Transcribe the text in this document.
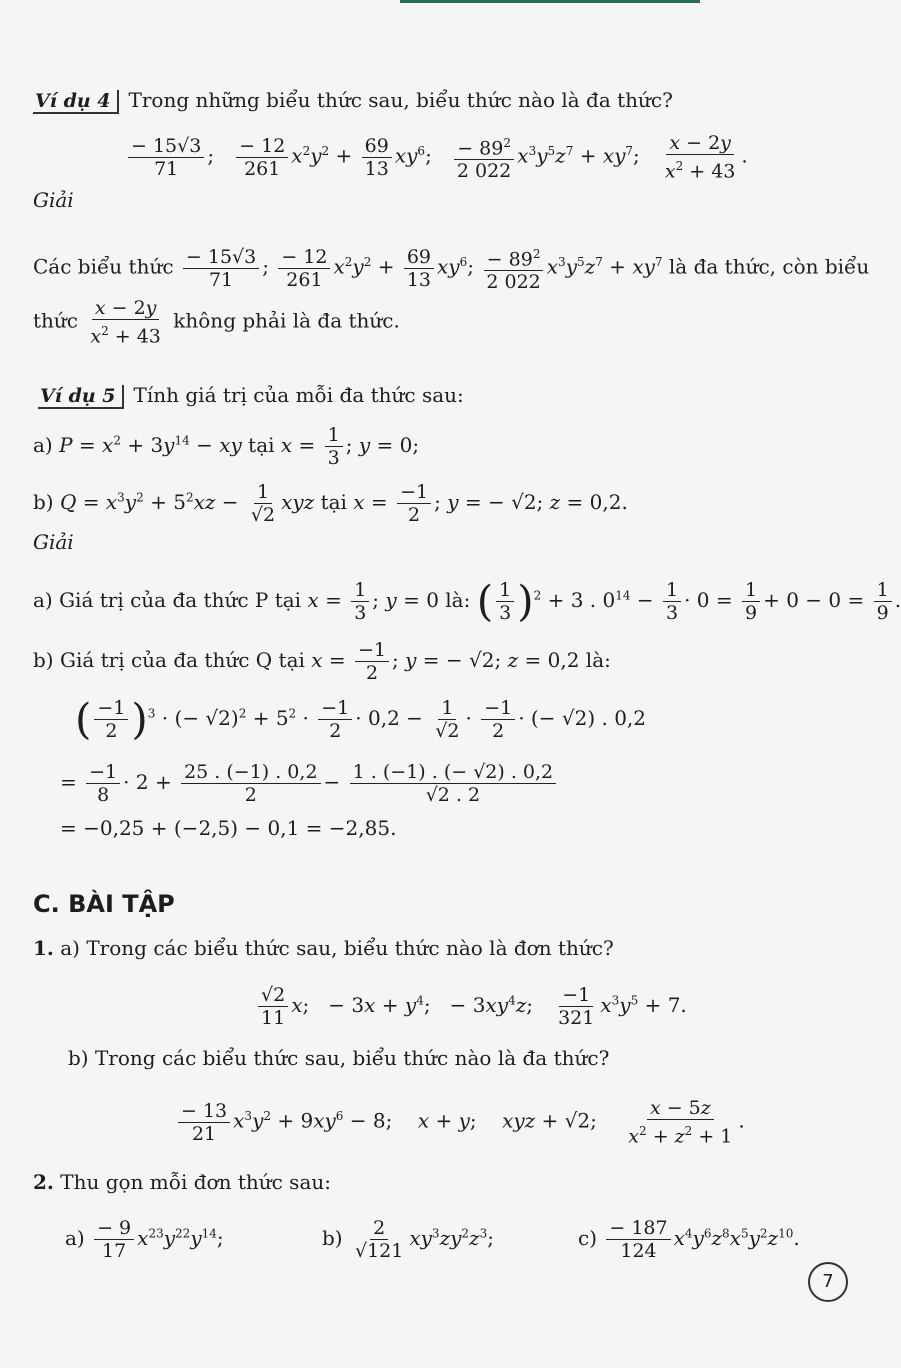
Ví dụ 4 Trong những biểu thức sau, biểu thức nào là đa thức?
$\frac{- 15√3}{71}$ ; $\frac{- 12}{261} x^2y^2 + \frac{69}{13} xy^6$; $\frac{- 89^2}{2 022} x^3y^5z^7 + xy^7$; $\frac{x - 2y}{x^2 + 43}$ .
Giải
Các biểu thức $\frac{- 15√3}{71}$ ; $\frac{- 12}{261} x^2y^2 + \frac{69}{13} xy^6$; $\frac{- 89^2}{2 022} x^3y^5z^7 + xy^7$ là đa thức, còn biểu
thức $\frac{x - 2y}{x^2 + 43}$ không phải là đa thức.
Ví dụ 5 Tính giá trị của mỗi đa thức sau:
a) $P = x^2 + 3y^{14}$ − xy tại $x = \frac{1}{3}$ ; y = 0;
b) $Q = x^3y^2 + 5^2xz - \frac{1}{√2}$ xyz tại $x = \frac{-1}{2}$ ; y = − √2; z = 0,2.
Giải
a) Giá trị của đa thức P tại $x = \frac{1}{3}$ ; y = 0 là: ( $\frac{1}{3} )^2 + 3$ . $0^{14} - \frac{1}{3} \cdot 0 = \frac{1}{9} + 0 - 0 = \frac{1}{9}$ .
b) Giá trị của đa thức Q tại $x = \frac{-1}{2}$ ; y = − √2; z = 0,2 là:
( $\frac{-1}{2} )^3$ · (− $√2)^2 + 5^2 \cdot \frac{-1}{2} \cdot 0,2 - \frac{1}{√2} \cdot \frac{-1}{2}$ · (− √2) . 0,2
= $\frac{-1}{8} \cdot 2 + \frac{25 . (-1) . 0,2}{2} - \frac{1 . (-1) . (- √2) . 0,2}{√2 . 2}$
= −0,25 + (−2,5) − 0,1 = −2,85.
C. BÀI TẬP
1. a) Trong các biểu thức sau, biểu thức nào là đơn thức?
$\frac{√2}{11} x$;   − $3x + y^4$;   − $3xy^4z$; $\frac{-1}{321} x^3y^5 + 7$.
b) Trong các biểu thức sau, biểu thức nào là đa thức?
$\frac{- 13}{21} x^3y^2 + 9xy^6 - 8$;    x + y;    xyz + √2; $\frac{x - 5z}{x^2 + z^2 + 1}$ .
2. Thu gọn mỗi đơn thức sau:
$a) \frac{- 9}{17} x^{23}y^{22}y^{14}$;	$b) \frac{2}{√121} xy^3zy^2z^3$;	$c) \frac{- 187}{124} x^4y^6z^8x^5y^2z^{10}$.
7
